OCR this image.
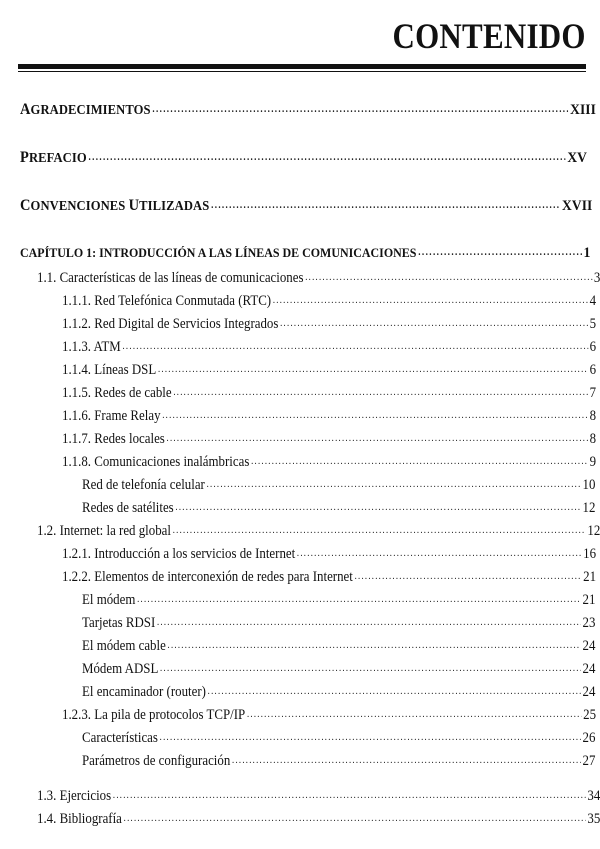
CONTENIDO
AGRADECIMIENTOS .....	XIII
PREFACIO .....	XV
CONVENCIONES UTILIZADAS .....	XVII
CAPÍTULO 1: INTRODUCCIÓN A LAS LÍNEAS DE COMUNICACIONES .....	1
1.1. Características de las líneas de comunicaciones .....	3
1.1.1. Red Telefónica Conmutada (RTC) .....	4
1.1.2. Red Digital de Servicios Integrados .....	5
1.1.3. ATM .....	6
1.1.4. Líneas DSL .....	6
1.1.5. Redes de cable .....	7
1.1.6. Frame Relay .....	8
1.1.7. Redes locales .....	8
1.1.8. Comunicaciones inalámbricas .....	9
Red de telefonía celular .....	10
Redes de satélites .....	12
1.2. Internet: la red global .....	12
1.2.1. Introducción a los servicios de Internet .....	16
1.2.2. Elementos de interconexión de redes para Internet .....	21
El módem .....	21
Tarjetas RDSI .....	23
El módem cable .....	24
Módem ADSL .....	24
El encaminador (router) .....	24
1.2.3. La pila de protocolos TCP/IP .....	25
Características .....	26
Parámetros de configuración .....	27
1.3. Ejercicios .....	34
1.4. Bibliografía .....	35
